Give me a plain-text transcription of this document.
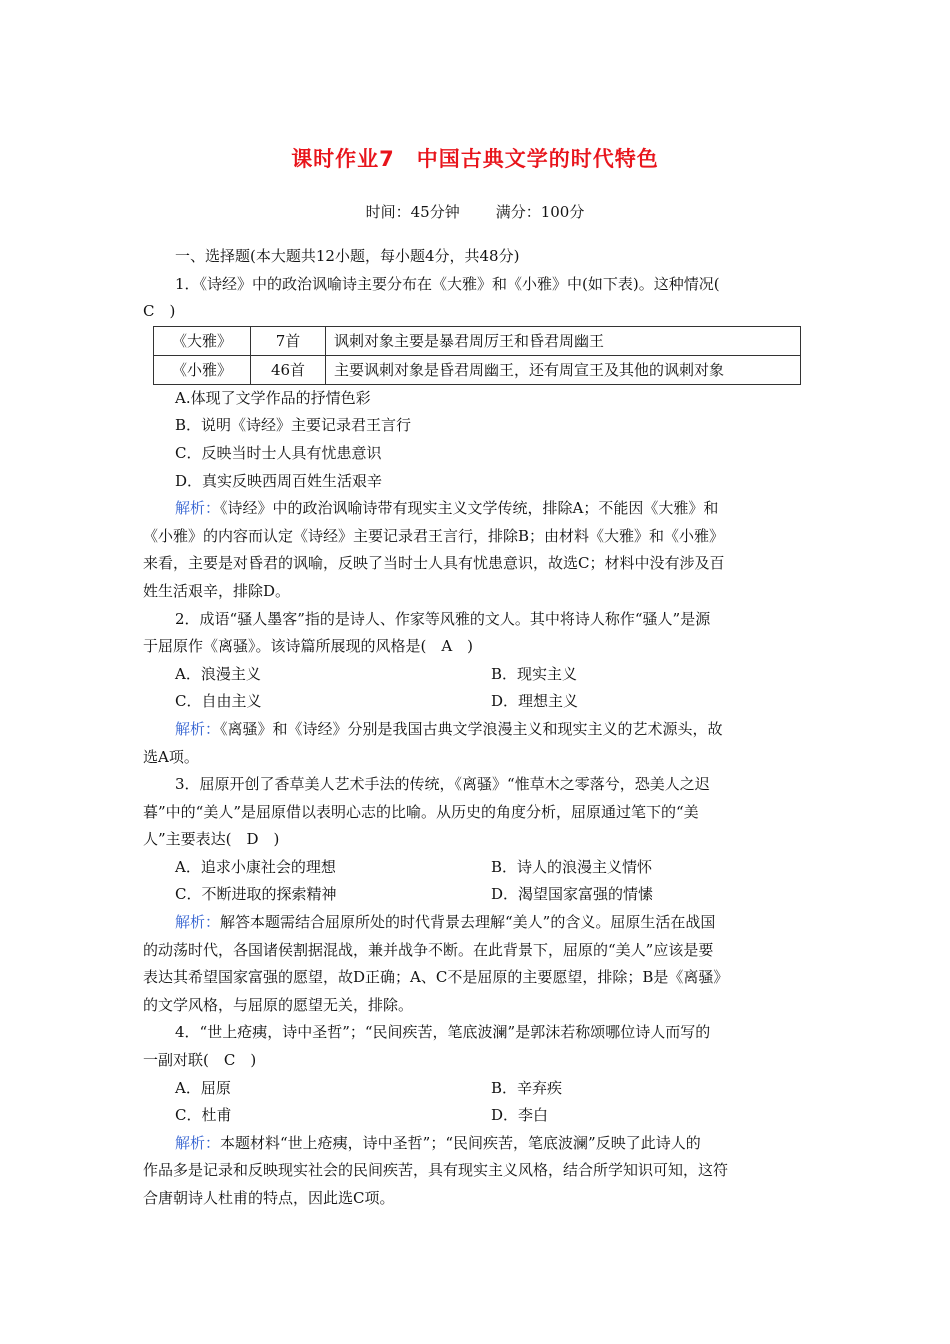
课时作业7　中国古典文学的时代特色
时间：45分钟 满分：100分
一、选择题(本大题共12小题，每小题4分，共48分)
1．《诗经》中的政治讽喻诗主要分布在《大雅》和《小雅》中(如下表)。这种情况(
C　)
《大雅》	7首	讽刺对象主要是暴君周厉王和昏君周幽王
《小雅》	46首	主要讽刺对象是昏君周幽王，还有周宣王及其他的讽刺对象
A.体现了文学作品的抒情色彩
B．说明《诗经》主要记录君王言行
C．反映当时士人具有忧患意识
D．真实反映西周百姓生活艰辛
解析：《诗经》中的政治讽喻诗带有现实主义文学传统，排除A；不能因《大雅》和
《小雅》的内容而认定《诗经》主要记录君王言行，排除B；由材料《大雅》和《小雅》
来看，主要是对昏君的讽喻，反映了当时士人具有忧患意识，故选C；材料中没有涉及百
姓生活艰辛，排除D。
2．成语“骚人墨客”指的是诗人、作家等风雅的文人。其中将诗人称作“骚人”是源
于屈原作《离骚》。该诗篇所展现的风格是(　A　)
A．浪漫主义	B．现实主义
C．自由主义	D．理想主义
解析：《离骚》和《诗经》分别是我国古典文学浪漫主义和现实主义的艺术源头，故
选A项。
3．屈原开创了香草美人艺术手法的传统，《离骚》“惟草木之零落兮，恐美人之迟
暮”中的“美人”是屈原借以表明心志的比喻。从历史的角度分析，屈原通过笔下的“美
人”主要表达(　D　)
A．追求小康社会的理想	B．诗人的浪漫主义情怀
C．不断进取的探索精神	D．渴望国家富强的情愫
解析：解答本题需结合屈原所处的时代背景去理解“美人”的含义。屈原生活在战国
的动荡时代，各国诸侯割据混战，兼并战争不断。在此背景下，屈原的“美人”应该是要
表达其希望国家富强的愿望，故D正确；A、C不是屈原的主要愿望，排除；B是《离骚》
的文学风格，与屈原的愿望无关，排除。
4．“世上疮痍，诗中圣哲”；“民间疾苦，笔底波澜”是郭沫若称颂哪位诗人而写的
一副对联(　C　)
A．屈原	B．辛弃疾
C．杜甫	D．李白
解析：本题材料“世上疮痍，诗中圣哲”；“民间疾苦，笔底波澜”反映了此诗人的
作品多是记录和反映现实社会的民间疾苦，具有现实主义风格，结合所学知识可知，这符
合唐朝诗人杜甫的特点，因此选C项。
